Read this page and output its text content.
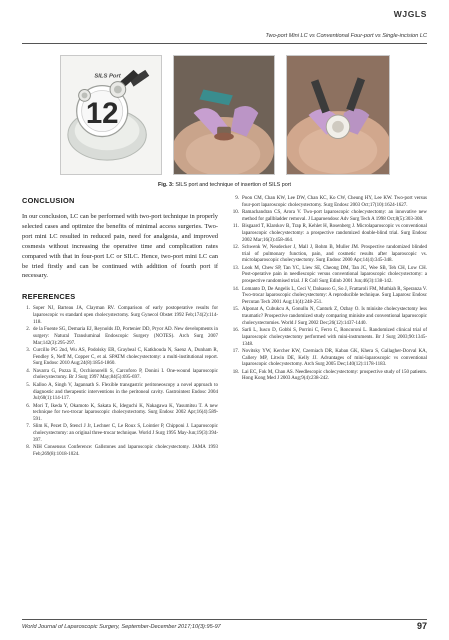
WJGLS
Two-port Mini LC vs Conventional Four-port vs Single-incision LC
SILS Port
12
Fig. 3: SILS port and technique of insertion of SILS port
CONCLUSION

In our conclusion, LC can be performed with two-port technique in properly selected cases and optimize the benefits of minimal access surgeries. Two-port mini LC resulted in reduced pain, need for analgesia, and improved cosmesis without increasing the operative time and complication rates compared with that in four-port LC or SILC. Hence, two-port mini LC can be tried firstly and can be continued with addition of fourth port if necessary.

REFERENCES
1. Soper NJ, Barteau JA, Clayman RV. Comparison of early postoperative results for laparoscopic vs standard open cholecystectomy. Surg Gynecol Obstet 1992 Feb;174(2):114-118.
2. de la Fuente SG, Demaria EJ, Reynolds JD, Portenier DD, Pryor AD. New developments in surgery: Natural Transluminal Endoscopic Surgery (NOTES). Arch Surg 2007 Mar;142(3):295-297.
3. Curcillo PG 2nd, Wu AS, Podolsky ER, Graybeal C, Katkhouda N, Saenz A, Dunham R, Fendley S, Neff M, Copper C, et al. SPATM cholecystectomy: a multi-institutional report. Surg Endosc 2010 Aug;24(8):1854-1860.
4. Navarra G, Pozza E, Occhionorelli S, Carcoforo P, Donini I. One-wound laparoscopic cholecystectomy. Br J Surg 1997 May;84(5):695-697.
5. Kalloo A, Singh V, Jagannath S. Flexible transgastric peritoneoscopy a novel approach to diagnostic and therapeutic interventions in the peritoneal cavity. Gastrointest Endosc 2004 Jul;60(1):114-117.
6. Mori T, Ikeda Y, Okamoto K, Sakata K, Ideguchi K, Nakagawa K, Yasumitsu T. A new technique for two-trocar laparoscopic cholecystectomy. Surg Endosc 2002 Apr;16(4):589-591.
7. Slim K, Pezet D, Stencl J Jr, Lechner C, Le Roux S, Lointier P, Chipponi J. Laparoscopic cholecystectomy: an original three-trocar technique. World J Surg 1995 May-Jun;19(3):394-397.
8. NIH Consensus Conference: Gallstones and laparoscopic cholecystectomy. JAMA 1993 Feb;269(8):1018-1024.
9. Poon CM, Chan KW, Lee DW, Chan KC, Ko CW, Cheung HY, Lee KW. Two-port versus four-port laparoscopic cholecystectomy. Surg Endosc 2003 Oct;17(10):1624-1627.
10. Ramachandran CS, Arora V. Two-port laparoscopic cholecystectomy: an innovative new method for gallbladder removal. J Laparoendosc Adv Surg Tech A 1998 Oct;8(5):303-308.
11. Bisgaard T, Klarskov B, Trap R, Kehlet H, Rosenberg J. Microlaparoscopic vs conventional laparoscopic cholecystectomy: a prospective randomized double-blind trial. Surg Endosc 2002 Mar;16(3):458-464.
12. Schwenk W, Neudecker J, Mall J, Bohm B, Muller JM. Prospective randomized blinded trial of pulmonary function, pain, and cosmetic results after laparoscopic vs. microlaparoscopic cholecystectomy. Surg Endosc 2000 Apr;14(4):345-348.
13. Look M, Chew SP, Tan YC, Liew SE, Cheong DM, Tan JC, Wee SB, Teh CH, Low CH. Post-operative pain in needlescopic versus conventional laparoscopic cholecystectomy: a prospective randomised trial. J R Coll Surg Edinb 2001 Jun;46(3):138-142.
14. Lomanto D, De Angelis L, Ceci V, Dalsasso G, So J, Frattaroli FM, Muthiah R, Speranza V. Two-trocar laparoscopic cholecystectomy: A reproducible technique. Surg Laparosc Endosc Percutan Tech 2001 Aug;11(4):248-251.
15. Alponat A, Cubukcu A, Gonullu N, Canturk Z, Ozbay O. Is minisite cholecystectomy less traumatic? Prospective randomized study comparing minisite and conventional laparoscopic cholecystectomies. World J Surg 2002 Dec;26(12):1437-1440.
16. Sarli L, Iusco D, Gobbi S, Porrini C, Ferro C, Roncoroni L. Randomized clinical trial of laparoscopic cholecystectomy performed with mini-instruments. Br J Surg 2003;90:1345-1348.
17. Novitsky YW, Kercher KW, Czerniach DR, Kaban GK, Khera S, Gallagher-Dorval KA, Callery MP, Litwin DE, Kelly JJ. Advantages of mini-laparoscopic vs conventional laparoscopic cholecystectomy. Arch Surg 2005 Dec;140(12):1178-1183.
18. Lai EC, Fok M, Chan AS. Needlescopic cholecystectomy: prospective study of 150 patients. Hong Kong Med J 2003 Aug;9(4):238-242.
World Journal of Laparoscopic Surgery, September-December 2017;10(3):95-97	97
